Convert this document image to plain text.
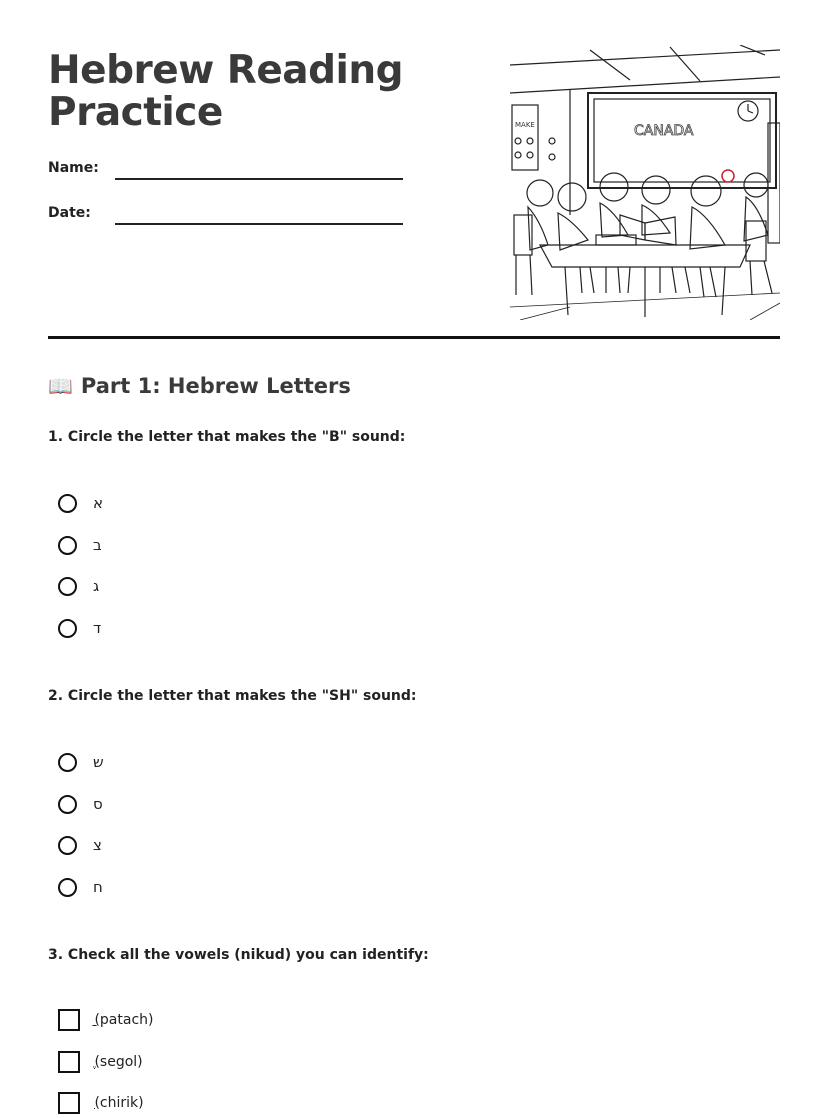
Hebrew Reading
Practice
Name:
Date:
MAKE	CANADA
📖 Part 1: Hebrew Letters

1. Circle the letter that makes the "B" sound:

א
ב
ג
ד

2. Circle the letter that makes the "SH" sound:

ש
ס
צ
ח

3. Check all the vowels (nikud) you can identify:

ַ (patach)
ֶ (segol)
ִ (chirik)
